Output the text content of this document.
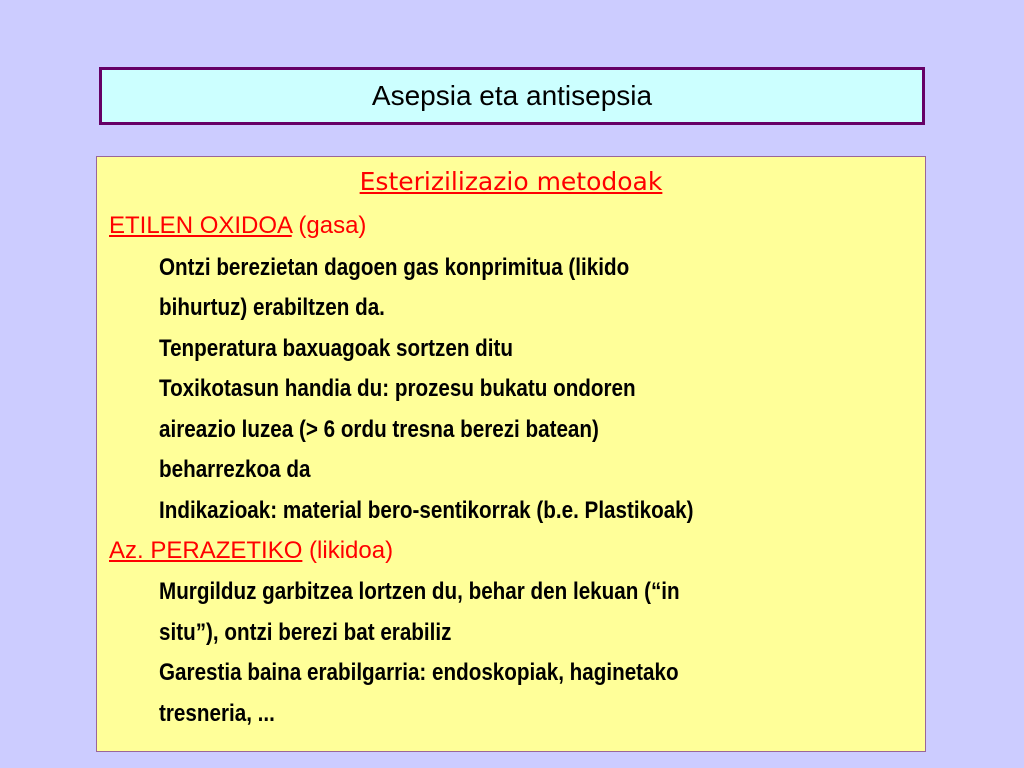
Asepsia eta antisepsia
Esterizilizazio metodoak
ETILEN OXIDOA (gasa)
Ontzi berezietan dagoen gas konprimitua (likido
bihurtuz) erabiltzen da.
Tenperatura baxuagoak sortzen ditu
Toxikotasun handia du: prozesu bukatu ondoren
aireazio luzea (> 6 ordu tresna berezi batean)
beharrezkoa da
Indikazioak: material bero-sentikorrak (b.e. Plastikoak)
Az. PERAZETIKO (likidoa)
Murgilduz garbitzea lortzen du, behar den lekuan (“in
situ”), ontzi berezi bat erabiliz
Garestia baina erabilgarria: endoskopiak, haginetako
tresneria, ...
